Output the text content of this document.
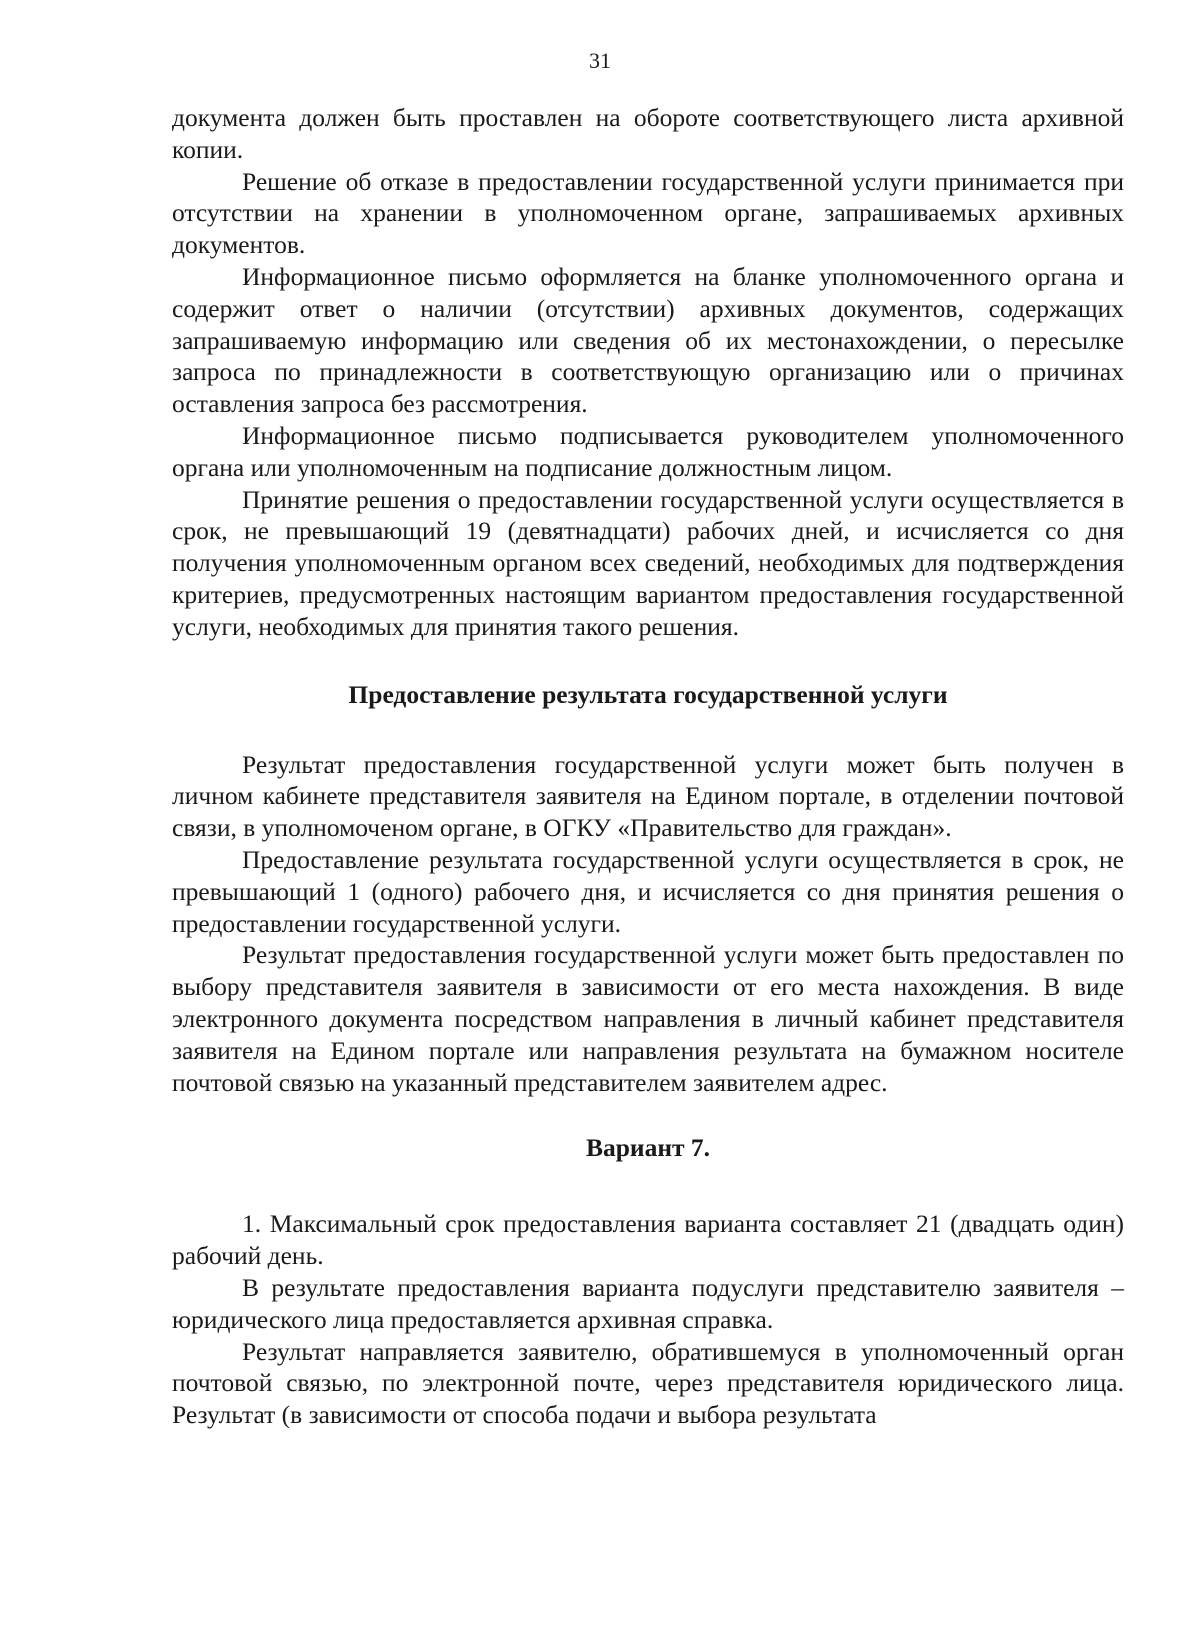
31

документа должен быть проставлен на обороте соответствующего листа архивной копии.

Решение об отказе в предоставлении государственной услуги принимается при отсутствии на хранении в уполномоченном органе, запрашиваемых архивных документов.

Информационное письмо оформляется на бланке уполномоченного органа и содержит ответ о наличии (отсутствии) архивных документов, содержащих запрашиваемую информацию или сведения об их местонахождении, о пересылке запроса по принадлежности в соответствующую организацию или о причинах оставления запроса без рассмотрения.

Информационное письмо подписывается руководителем уполномоченного органа или уполномоченным на подписание должностным лицом.

Принятие решения о предоставлении государственной услуги осуществляется в срок, не превышающий 19 (девятнадцати) рабочих дней, и исчисляется со дня получения уполномоченным органом всех сведений, необходимых для подтверждения критериев, предусмотренных настоящим вариантом предоставления государственной услуги, необходимых для принятия такого решения.

Предоставление результата государственной услуги

Результат предоставления государственной услуги может быть получен в личном кабинете представителя заявителя на Едином портале, в отделении почтовой связи, в уполномоченом органе, в ОГКУ «Правительство для граждан».

Предоставление результата государственной услуги осуществляется в срок, не превышающий 1 (одного) рабочего дня, и исчисляется со дня принятия решения о предоставлении государственной услуги.

Результат предоставления государственной услуги может быть предоставлен по выбору представителя заявителя в зависимости от его места нахождения. В виде электронного документа посредством направления в личный кабинет представителя заявителя на Едином портале или направления результата на бумажном носителе почтовой связью на указанный представителем заявителем адрес.

Вариант 7.

1. Максимальный срок предоставления варианта составляет 21 (двадцать один) рабочий день.

В результате предоставления варианта подуслуги представителю заявителя – юридического лица предоставляется архивная справка.

Результат направляется заявителю, обратившемуся в уполномоченный орган почтовой связью, по электронной почте, через представителя юридического лица. Результат (в зависимости от способа подачи и выбора результата
